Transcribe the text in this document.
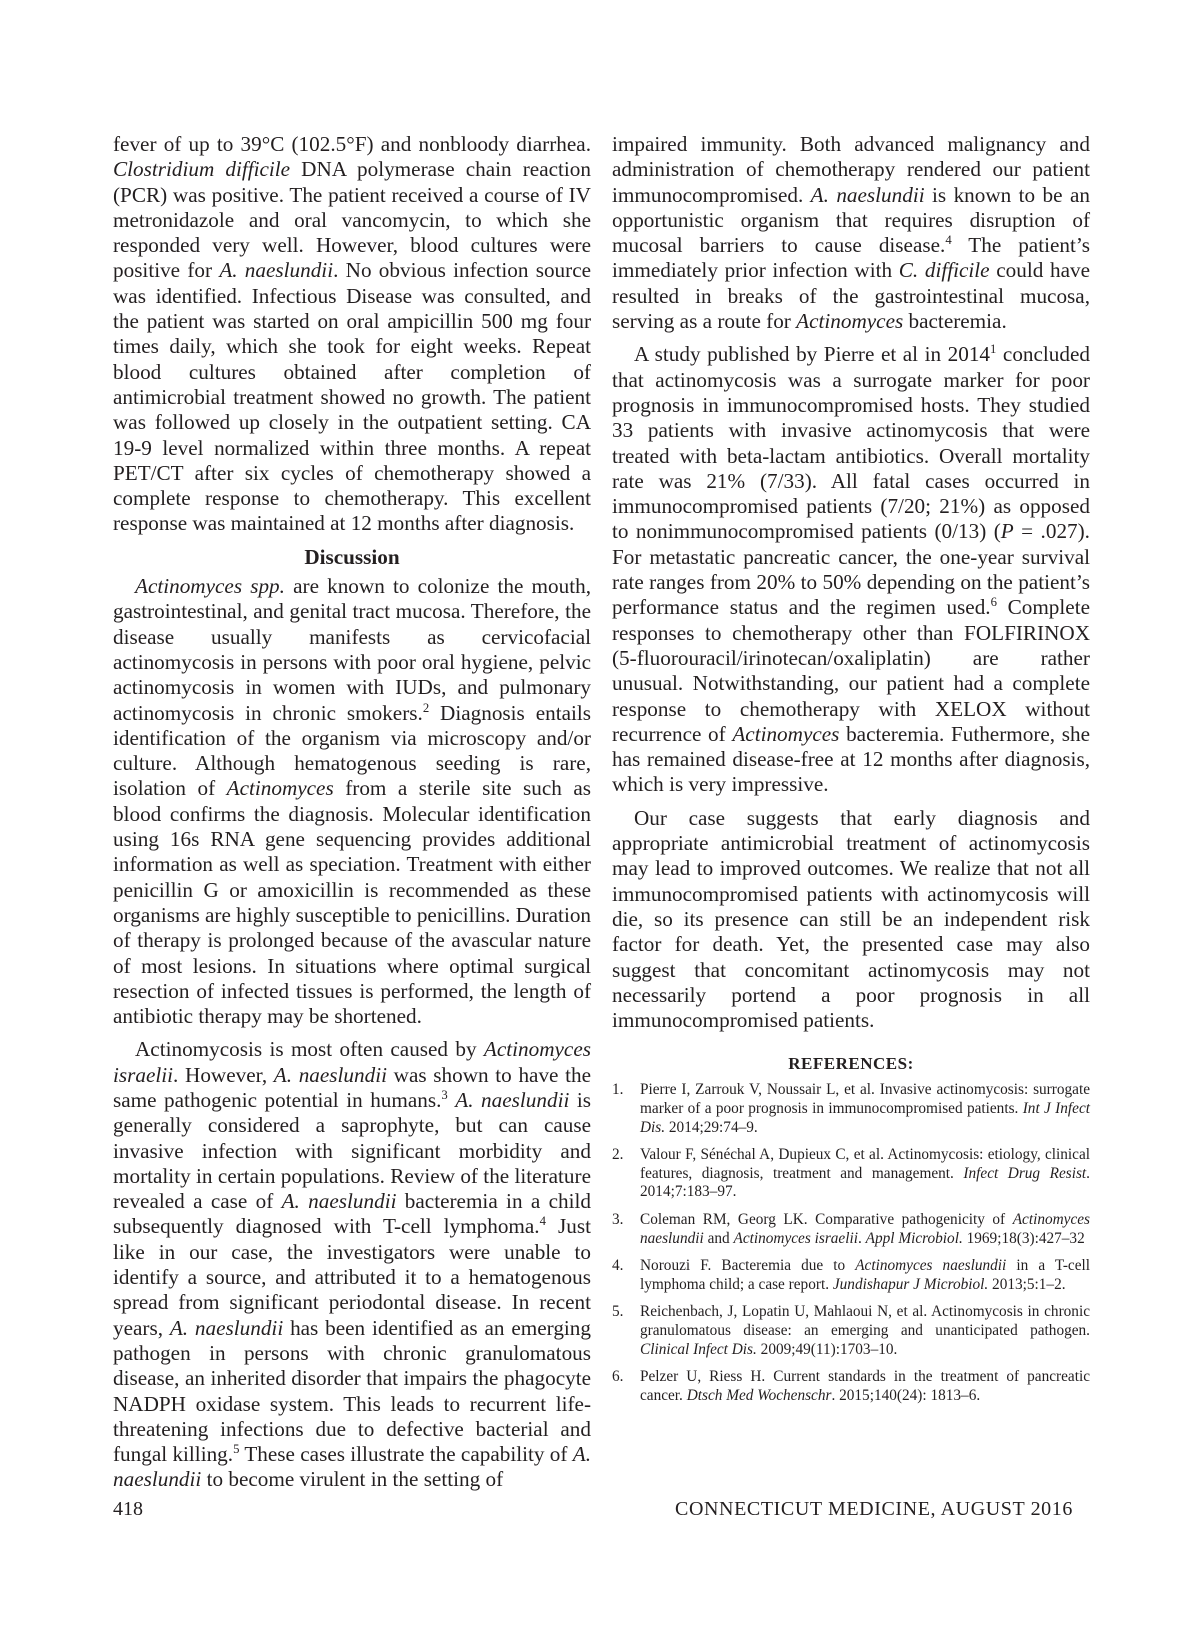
fever of up to 39°C (102.5°F) and nonbloody diarrhea. Clostridium difficile DNA polymerase chain reaction (PCR) was positive. The patient received a course of IV metronidazole and oral vancomycin, to which she responded very well. However, blood cultures were positive for A. naeslundii. No obvious infection source was identified. Infectious Disease was consulted, and the patient was started on oral ampicillin 500 mg four times daily, which she took for eight weeks. Repeat blood cultures obtained after completion of antimicrobial treatment showed no growth. The patient was followed up closely in the outpatient setting. CA 19-9 level normalized within three months. A repeat PET/CT after six cycles of chemotherapy showed a complete response to chemotherapy. This excellent response was maintained at 12 months after diagnosis.

Discussion

Actinomyces spp. are known to colonize the mouth, gastrointestinal, and genital tract mucosa. Therefore, the disease usually manifests as cervicofacial actinomycosis in persons with poor oral hygiene, pelvic actinomycosis in women with IUDs, and pulmonary actinomycosis in chronic smokers.$^2$ Diagnosis entails identification of the organism via microscopy and/or culture. Although hematogenous seeding is rare, isolation of Actinomyces from a sterile site such as blood confirms the diagnosis. Molecular identification using 16s RNA gene sequencing provides additional information as well as speciation. Treatment with either penicillin G or amoxicillin is recommended as these organisms are highly susceptible to penicillins. Duration of therapy is prolonged because of the avascular nature of most lesions. In situations where optimal surgical resection of infected tissues is performed, the length of antibiotic therapy may be shortened.

Actinomycosis is most often caused by Actinomyces israelii. However, A. naeslundii was shown to have the same pathogenic potential in humans.$^3$ A. naeslundii is generally considered a saprophyte, but can cause invasive infection with significant morbidity and mortality in certain populations. Review of the literature revealed a case of A. naeslundii bacteremia in a child subsequently diagnosed with T-cell lymphoma.$^4$ Just like in our case, the investigators were unable to identify a source, and attributed it to a hematogenous spread from significant periodontal disease. In recent years, A. naeslundii has been identified as an emerging pathogen in persons with chronic granulomatous disease, an inherited disorder that impairs the phagocyte NADPH oxidase system. This leads to recurrent life-threatening infections due to defective bacterial and fungal killing.$^5$ These cases illustrate the capability of A. naeslundii to become virulent in the setting of

impaired immunity. Both advanced malignancy and administration of chemotherapy rendered our patient immunocompromised. A. naeslundii is known to be an opportunistic organism that requires disruption of mucosal barriers to cause disease.$^4$ The patient’s immediately prior infection with C. difficile could have resulted in breaks of the gastrointestinal mucosa, serving as a route for Actinomyces bacteremia.

A study published by Pierre et al in 2014$^1$ concluded that actinomycosis was a surrogate marker for poor prognosis in immunocompromised hosts. They studied 33 patients with invasive actinomycosis that were treated with beta-lactam antibiotics. Overall mortality rate was 21% (7/33). All fatal cases occurred in immunocompromised patients (7/20; 21%) as opposed to nonimmunocompromised patients (0/13) (P = .027). For metastatic pancreatic cancer, the one-year survival rate ranges from 20% to 50% depending on the patient’s performance status and the regimen used.$^6$ Complete responses to chemotherapy other than FOLFIRINOX (5-fluorouracil/irinotecan/oxaliplatin) are rather unusual. Notwithstanding, our patient had a complete response to chemotherapy with XELOX without recurrence of Actinomyces bacteremia. Futhermore, she has remained disease-free at 12 months after diagnosis, which is very impressive.

Our case suggests that early diagnosis and appropriate antimicrobial treatment of actinomycosis may lead to improved outcomes. We realize that not all immunocompromised patients with actinomycosis will die, so its presence can still be an independent risk factor for death. Yet, the presented case may also suggest that concomitant actinomycosis may not necessarily portend a poor prognosis in all immunocompromised patients.

REFERENCES:
1. Pierre I, Zarrouk V, Noussair L, et al. Invasive actinomycosis: surrogate marker of a poor prognosis in immunocompromised patients. Int J Infect Dis. 2014;29:74–9.
2. Valour F, Sénéchal A, Dupieux C, et al. Actinomycosis: etiology, clinical features, diagnosis, treatment and management. Infect Drug Resist. 2014;7:183–97.
3. Coleman RM, Georg LK. Comparative pathogenicity of Actinomyces naeslundii and Actinomyces israelii. Appl Microbiol. 1969;18(3):427–32
4. Norouzi F. Bacteremia due to Actinomyces naeslundii in a T-cell lymphoma child; a case report. Jundishapur J Microbiol. 2013;5:1–2.
5. Reichenbach, J, Lopatin U, Mahlaoui N, et al. Actinomycosis in chronic granulomatous disease: an emerging and unanticipated pathogen. Clinical Infect Dis. 2009;49(11):1703–10.
6. Pelzer U, Riess H. Current standards in the treatment of pancreatic cancer. Dtsch Med Wochenschr. 2015;140(24): 1813–6.
418	CONNECTICUT MEDICINE, AUGUST 2016
